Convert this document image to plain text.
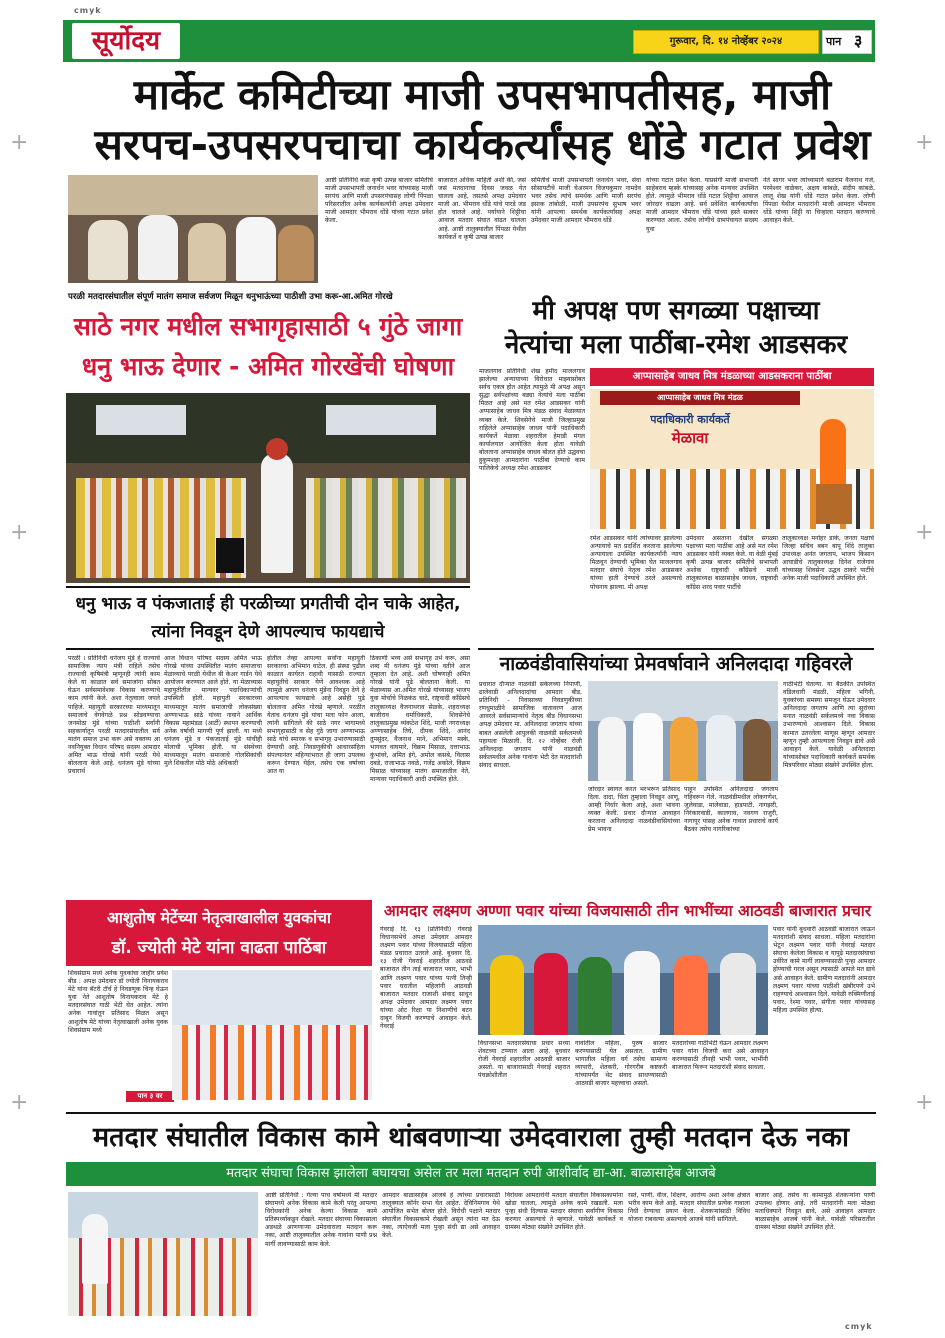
cmyk
cmyk
+	+
+	+
+	+
सूर्योदय	गुरूवार, दि. १४ नोव्हेंबर २०२४	पान ३
मार्केट कमिटीच्या माजी उपसभापतीसह, माजी सरपच-उपसरपचाचा कार्यकर्त्यांसह धोंडे गटात प्रवेश
आष्टी प्रतिनिधि कडा कृषी उत्पन्न बाजार समितीचे माजी उपसभापती जनार्धन भवर यांच्यासह माजी सरपंच आणि माजी उपसरपंचासह लोणी पिंपळा परिसरातील अनेक कार्यकर्त्यांनी अपक्ष उमेदवार माजी आमदार भीमराव धोंडे यांच्या गटात प्रवेश केला.
बाजारात अधिक माहिती अशी की, जसं जसं मतदानाचा दिवस जवळ येत चालला आहे, तसतसे अपक्ष उमेदवार माजी आ. भीमराव धोंडे यांचे पारडे जड होत चालले आहे. पर्यायाने शिट्टीचा आवाज मतदार संघात वाढत चालला आहे. आष्टी तालुक्यातील पिंपळा येथील कार्यकर्ते व कृषी उत्पन्न बाजार
समितीचे माजी उपसभापती जनार्धन भवर, सेवा सोसायटीचे माजी चेअरमन विजयकुमार नामदेव भवर तसेच त्यांचे समर्थक आणि माजी सरपंच इसाक तांबोळी, माजी उपसरपंच सुभाष भवर यांनी आपल्या समर्थक कार्यकर्त्यांसह अपक्ष उमेदवार माजी आमदार भीमराव धोंडे
यांच्या गटात प्रवेश केला. याप्रसंगी माजी सभापती साहेबराव म्हस्के यांच्यासह अनेक मान्यवर उपस्थित होते. त्यामुळे भीमराव धोंडे गटात शिट्टीचा आवाज जोरदार वाढला आहे. सर्व प्रवेशित कार्यकर्त्यांचा माजी आमदार भीमराव धोंडे यांच्या हस्ते सत्कार करण्यात आला. तसेच लोणीचे ग्रामपंचायत सदस्य युवा
नेते सागर भवर त्यांच्यामागे बळराम वैजनाथ गर्जे, परमेश्वर वाळेकर, अक्षय कांबळे, संदीप कांबळे, लालू शेख यांनी धोंडे गटात प्रवेश केला. लोणी पिंपळा येथील मतदारांनी माजी आमदार भीमराव धोंडे यांच्या शिट्टी या चिन्हाला मतदान करण्याचे आवाहन केले.
परळी मतदारसंघातील संपूर्ण मातंग समाज सर्वजण मिळून धनुभाऊंच्या पाठीशी उभा करू-आ.अमित गोरखे
साठे नगर मधील सभागृहासाठी ५ गुंठे जागा
धनु भाऊ देणार - अमित गोरखेंची घोषणा
धनु भाऊ व पंकजाताई ही परळीच्या प्रगतीची दोन चाके आहेत, त्यांना निवडून देणे आपल्याच फायद्याचे
परळी । प्रतिनिधी धनंजय मुंडे हे राज्याचे सामाजिक न्याय मंत्री राहिले तसेच राज्याची कृषिमंत्री म्हणूनही त्यांनी काम केले या काळात सर्व समाजांना सोबत घेऊन सर्वसमावेशक विकास करण्याचे काम त्यांनी केले. अशा नेतृत्वाला जपले पाहिजे. महायुती सरकारच्या माध्यमातून समाजाचे वेगवेगळे प्रश्न सोडवण्याचा जनमोठा मुंडे यांच्या पाठीशी सर्वांनी सहकार्यातून परळी मतदारसंघातील सर्व मातंग समाज उभा करू असे वक्तव्य आ नवनियुक्त विधान परिषद सदस्य आमदार अमित भाऊ गोरखे यांनी परळी येथे बोलताना केले आहे. धनंजय मुंडे यांच्या प्रचारार्थ
आज विधान परिषद सदस्य अमित भाऊ गोरखे यांच्या उपस्थितीत मातंग समाजाचा मेळाव्याचे परळी येथील बी केअर गार्डन येथे आयोजन करण्यात आले होते. या मेळाव्यास महायुतीतील मान्यवर पदाधिकाऱ्यांची उपस्थिती होती. महायुती सरकारच्या माध्यमातून मातंग समाजाची लोकसंख्या अण्णाभाऊ साठे यांच्या नावाने आर्थिक विकास महामंडळ (आर्टी) स्थापन करण्याची अनेक वर्षाची मागणी पूर्ण झाली. या मध्ये धनंजय मुंडे व पंकजाताई मुंडे यांचीही मोलाची भूमिका होती. या संस्थेच्या माध्यमातून मातंग समाजाचे गोलसिकांची मुले शिकतील मोठे मोठे अधिकारी
होतील तेव्हा आपल्या सर्वांना महायुती सरकारचा अभिमान वाटेल. ही संस्था पुढील काळात कार्यरत राहावी यासाठी राज्यात महायुतीचे सरकार येणे आवश्यक आहे त्यामुळे आपण धनंजय मुंडेंना निवडून देणे हे आपल्याच फायद्याचे आहे असेही पुढे बोलताना अमित गोरखे म्हणाले. परळीत येताच धनंजय मुंडे यांचा मला फोन आला, त्यांनी सांगितले की साठे नगर भागामध्ये सभागृहासाठी व सेह गुंठे जागा अण्णाभाऊ साठे यांचे स्मारक व सभागृह उभारण्यासाठी देण्याची आहे. निवडणुकीची आचारसंहिता संपल्यानंतर महिन्याभरात ही जागा उपलब्ध करून देण्यात येईल, तसेच एक वर्षाच्या आत या
ठिकाणी भव्य असे सभागृह उभे करू, असा शब्द मी धनंजय मुंडे यांच्या वतीने आज तुम्हाला देत आहे, अशी घोषणाही अमित गोरखे यांनी पुढे बोलताना केली. या मेळाव्यास आ.अमित गोरखे यांच्यासह भाजप युवा मोर्चाचे निळकंठ चाटे, राष्ट्रवादी काँग्रेसचे तालुकाध्यक्ष वैजनाथराव सेळके, शहराध्यक्ष बाजीराव धर्माधिकारी, शिवसेनेचे तालुकाप्रमुख व्यंकटेश शिंदे, माजी नगराध्यक्ष अण्णासाहेब तिघे, दीपक शिंदे, आनंद तुपसुंदर, वैजनाथ माने, अभिमान मस्के, भागवत वाघमारे, विक्रम मिसाळ, दत्ताभाऊ कुंभांवरे, अमित इंगे, अमोल कसबे, विलास दबडे, राजाभाऊ नवळे, गजेंद्र अकोले, विक्रम मिसाळ यांच्यासह मातंग समाजातील नेते, मान्यवर पदाधिकारी आदी उपस्थित होते.
मी अपक्ष पण सगळ्या पक्षाच्या
नेत्यांचा मला पाठींबा-रमेश आडसकर
आप्पासाहेब जाधव मित्र मंडळाच्या आडसकराना पाठींबा
माजलगाव प्रतिनिधी शेख हमीद माजलगाव झालेल्या अन्यायाच्या विरोधात माझ्यासोबत सर्वच एकत्र होत आहेत त्यामुळे मी अपक्ष असून सुद्धा सर्वपक्षांच्या बड्या नेत्यांचे मला पाठींबा मिळत आहे असे मत रमेश आडसकर यांनी अप्पासाहेब जाधव मित्र मंडळ संवाद मेळाव्यात व्यक्त केले. शिवसेनेचे माजी जिल्हाप्रमुख राहिलेले अप्पासाहेब जाधव यांनी पदाधिकारी कार्यकर्ते मेळावा शहरातील हेमाडी मंगल कार्यालयात आयोजित केला होता यावेळी बोलताना अप्पासाहेब जाधव बोलत होते उद्धवचा हुकुमशहा आमदारांना पाठींबा देण्याचे काम पालिकेचे अध्यक्ष रमेश आडसकर
आप्पासाहेब जाधव मित्र मंडळ
पदाधिकारी कार्यकर्ते
मेळावा
रमेश आडसकर यांनी त्यांच्यावर झालेल्या अन्यायाचे मत प्रदर्शित करताना झालेल्या अन्यायाला उपस्थित कार्यकर्त्यांनी न्याय मिळवून देण्याची भूमिका घेत माजलगाव मतदार संघाचे नेतृत्व रमेश आडसकर यांच्या हाती देण्याचे ठरले असल्याचे पोचनाय झाल्या. मी अपक्ष
उमेदवार असताना देखील सगळ्या पक्षाच्या मला पाठींबा आहे असे मत रमेश आडसकर यांनी व्यक्त केले. या वेळी मुंबई कृषी उत्पन्न बाजार समितीचे सभापती अशोक राष्ट्रवादी काँग्रेसचे माजी तालुकाध्यक्ष बाळासाहेब जाधव, राष्ट्रवादी काँग्रेस शरद पवार पार्टीचे
तालुकाध्यक्ष मनोहर डाके, जनता पक्षाचे जिल्हा सचिव बबन बापू शिंदे तालुका उपाध्यक्ष अनंत जगताप, भाजप किसान आघाडीचे तालुकाध्यक्ष दिनेश राजेगाव यांच्यासह शिवसेना उद्धव ठाकरे पार्टीचे अनेक माजी पदाधिकारी उपस्थित होते.
नाळवंडीवासियांच्या प्रेमवर्षावाने अनिलदादा गहिवरले
प्रचारात दौऱ्यात नाळवंडी सर्कलच्या निपाणी, ढालेवाडी अनिलदादांचा आमदार बीड, प्रतिनिधी - निवासाच्या निवडणुकीच्या रणधुमाळीने सामाजिक वातावरण आज आवरले सर्वसामान्यांचे नेतृत्व बीड विधानसभा अपक्ष उमेदवार मा. अनिलदादा जगताप यांच्या बाबत असलेली आपुलकी नाळवंडी सर्कलमध्ये पहायला मिळाली. दि. १२ नोव्हेंबर रोजी अनिलदादा जगताप यांनी नाळवंडी सर्कलमधील अनेक गावांना भेटी देत मतदारांशी संवाद साधला.
जोरदार स्वागत करत भरभरून प्रतिसाद दिला. दादा, चिंता तुम्हाला निवडून आणू, आम्ही निर्धार केला आहे, अशा भावना व्यक्त केली. प्रचार दौऱ्यात आवाहन करताना अनिलदादा नाळवंडीवासियांच्या प्रेम भावना
पाहून उपस्थित अनिलदादा जगताप गहिवरून गेले. नाळवंडीमधील लोकगणेश, जुलेवाडा, मालेवाडा, हाडपाटी, नागझरी, निरंकारवाडी, कालगाव, नवगण राजुरी, नागापूर यासह अनेक गावात प्रचाराचे कार्य बैठका तसेच नागरिकांच्या
गाठीभेटी घेतल्या. या बैठकीत उपस्थित वडिलधारी मंडळी, महिला भगिनी, युवकांच्या समस्या समजून घेऊन उमेदवार अनिलदादा जगताप आणि त्या सुरांच्या मनात नाळवंडी सर्कलमध्ये नवा विकास उभारण्याचे आश्वासन दिले. विकास कामात उतरलेला माणूस म्हणून आमदार म्हणून तुम्ही आपल्याला निवडून द्यावे असे आवाहन केले. यावेळी अनिलदादा यांच्यासोबत पदाधिकारी कार्यकर्ते समर्थक मित्रपरिवार मोठ्या संख्येने उपस्थित होता.
आशुतोष मेटेंच्या नेतृत्वाखालील युवकांचा
डॉ. ज्योती मेटे यांना वाढता पाठिंबा
शिवसंग्राम मध्ये अनेक युवकांचा जाहीर प्रवेश बीड : अपक्ष उमेदवार डॉ ज्योती विनायकराव मेटे यांना बॅटरी टॉर्च हे निवडणूक चिन्ह घेऊन युवा नेते आशुतोष विनायकराव मेटे हे मतदारसंघात गाठी भेटी घेत आहेत. त्यांना अनेक गावांतून प्रतिसाद मिळत असून आशुतोष मेटे यांच्या नेतृत्वाखाली अनेक युवक शिवसंग्राम मध्ये
पान ३ वर
आमदार लक्ष्मण अण्णा पवार यांच्या विजयासाठी तीन भाभींच्या आठवडी बाजारात प्रचार
गेवराई दि. १३ (प्रतिनिधी) गेवराई विधानसभेचे अपक्ष उमेदवार आमदार लक्ष्मण पवार यांच्या विजयासाठी महिला मंडळ प्रचारात उतरले आहे. बुधवार दि. १३ रोजी गेवराई शहरातील आठवडे बाजारात तीन ताई बाजारात पवार, भाभी आणि लक्ष्मण पवार यांच्या पत्नी तिन्ही पवार घरातील महिलांनी आठवडी बाजारात मतदार राजाशी संवाद साधून अपक्ष उमेदवार आमदार लक्ष्मण पवार यांच्या ओट रिक्षा या निशाणीचे बटन दाबून विजयी करण्याचे आवाहन केले. गेवराई
विधानसभा मतदारसंघाचा प्रचार सध्या शेवटच्या टप्प्यात आला आहे. बुधवार रोजी गेवराई शहरातील आठवडी बाजार असतो. या बाजारासाठी गेवराई शहरात पंचक्रोशीतील
गावांतील महिला, पुरुष बाजार करण्यासाठी येत असतात. ग्रामीण भागातील महिला वर्ग तसेच सामान्य व्यापारी, शेतकरी, गोरगरीब कष्टकरी यांच्यापर्यंत थेट संवाद साधण्यासाठी आठवडी बाजार महत्त्वाचा असतो.
मतदारांच्या गाठीभेटी घेऊन आमदार लक्ष्मण पवार यांना विजयी करा असे आवाहन करण्यासाठी तीनही भाभी पवार, भाभींनी बाजारात फिरून मतदारांशी संवाद साधला.
पवार यांनी बुधवारी आठवडी बाजारात जाऊन मतदारांशी संवाद साधला. महिला मतदारांना भेटून लक्ष्मण पवार यांनी गेवराई मतदार संघाचा केलेला विकास व यापुढे मतदारसंघाचा उर्वरित कामे मार्गी लावण्यासाठी पुन्हा आमदार होण्याची गरज असून त्यासाठी आपले मत द्यावे असे आवाहन केले. ग्रामीण मतदारांनी आमदार लक्ष्मण पवार यांच्या पाठीशी खंबीरपणे उभे राहण्याचे आश्वासन दिले. यावेळी रुक्मिणीताई पवार, रेश्मा पवार, संगीता पवार यांच्यासह महिला उपस्थित होत्या.
मतदार संघातील विकास कामे थांबवणाऱ्या उमेदवाराला तुम्ही मतदान देऊ नका
मतदार संघाचा विकास झालेला बघायचा असेल तर मला मतदान रुपी आशीर्वाद द्या-आ. बाळासाहेब आजबे
आष्टी प्रतिनिधी : गेल्या पाच वर्षामध्ये मी मतदार संघामध्ये अनेक विकास कामे केली परंतु आपल्या विरोधकांनी अनेक केल्या विकास कामे प्रतिस्पर्ध्याकडून रोखले. मतदार संघाच्या विकासाला अडथळे आणणाऱ्या उमेदवाराला मतदान करू नका, आष्टी तालुक्यातील अनेक गावांना पाणी प्रश्न मार्गी लावण्यासाठी काम केले.
आमदार बाळासाहेब आजबे हे त्यांच्या प्रचारासाठी तालुक्यात कॉर्नर सभा घेत आहेत. देविनिमगाव येथे आयोजित सभेत बोलत होते. विरोधी पक्षाने मतदार संघातील विकासकामे रोखली असून त्यांना मत देऊ नका, त्याऐवजी मला पुन्हा संधी द्या असे आवाहन केले.
विरोधक आमदारांनी मतदार संघातील विकासकामांना खोडा घातला, त्यामुळे अनेक कामे रखडली. मला पुन्हा संधी दिल्यास मतदार संघाचा सर्वांगीण विकास करणार असल्याचे ते म्हणाले. यावेळी कार्यकर्ते व ग्रामस्थ मोठ्या संख्येने उपस्थित होते.
रस्ते, पाणी, वीज, शिक्षण, आरोग्य अशा अनेक क्षेत्रात भरीव काम केले आहे. मतदार संघातील प्रत्येक गावाला निधी देण्याचा प्रयत्न केला. शेतकऱ्यांसाठी विविध योजना राबवल्या असल्याचे आजबे यांनी सांगितले.
बाजार आहे. तसेच या कामामुळे शेतकऱ्यांना पाणी उपलब्ध होणार आहे. तरी मतदारांनी मला मोठ्या मताधिक्याने निवडून द्यावे, असे आवाहन आमदार बाळासाहेब आजबे यांनी केले. यावेळी परिसरातील ग्रामस्थ मोठ्या संख्येने उपस्थित होते.
